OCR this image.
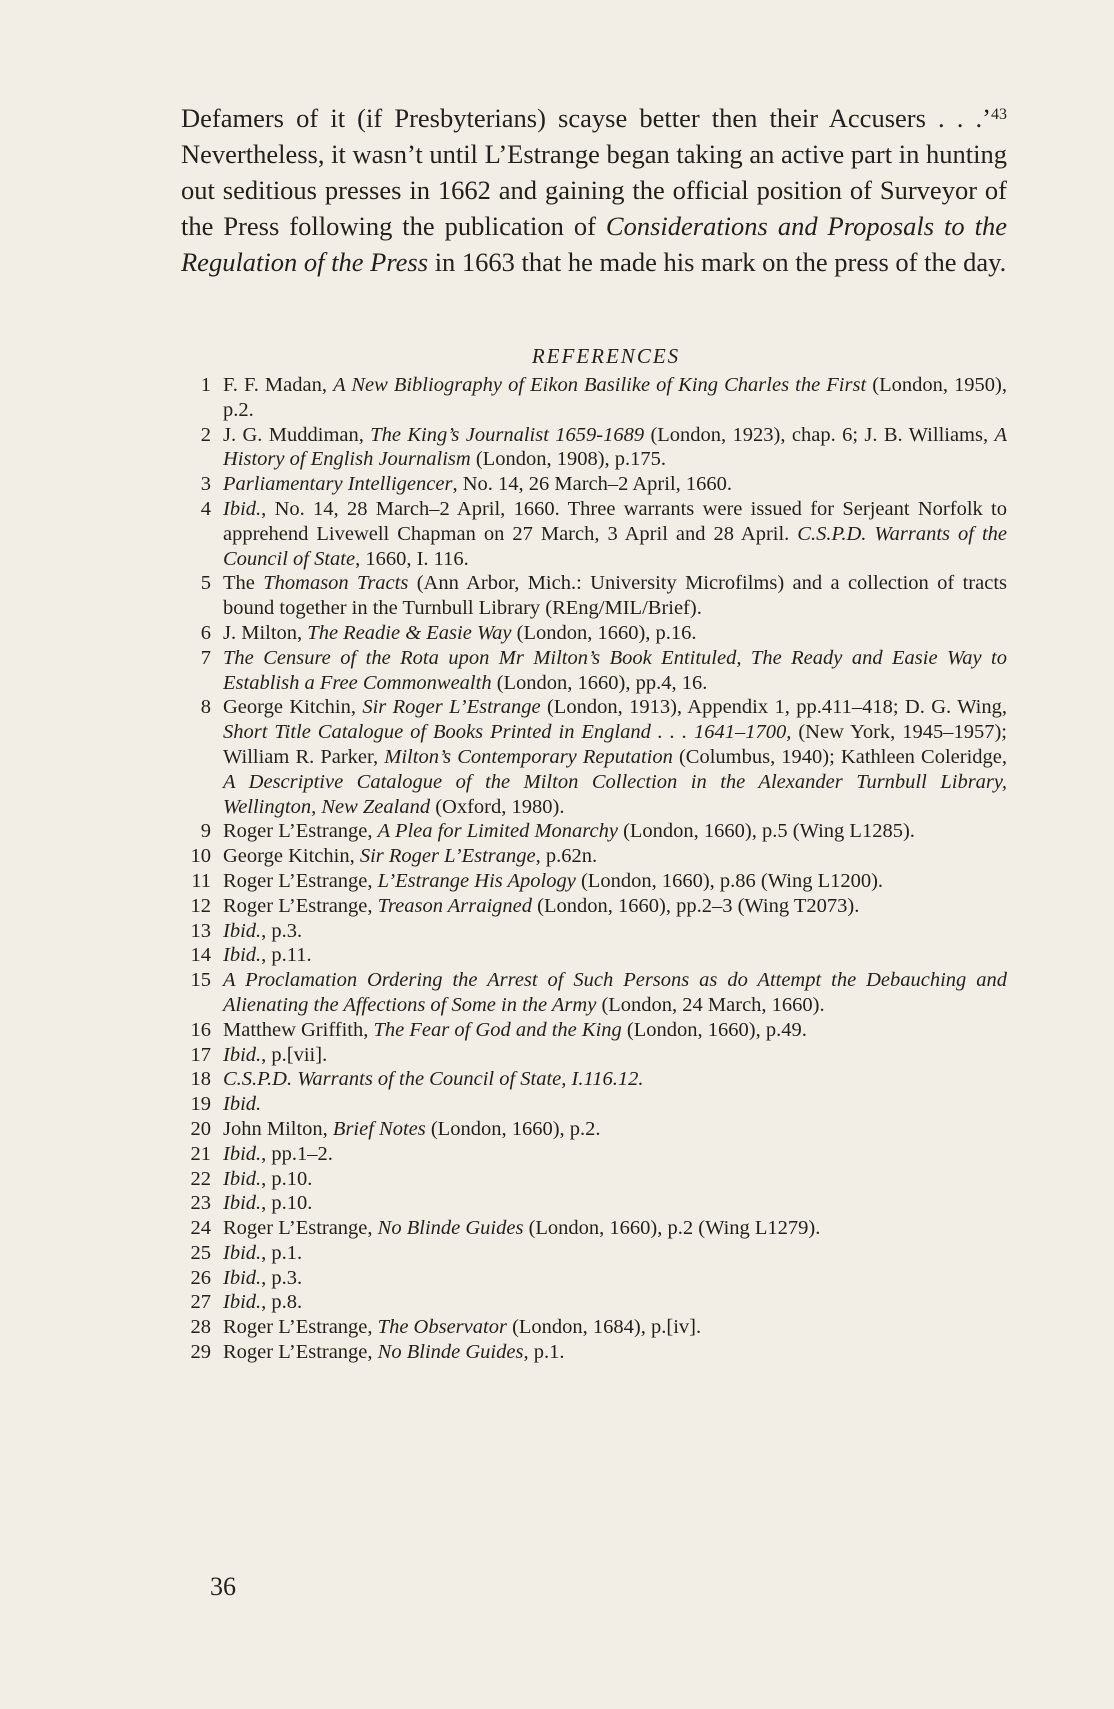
Defamers of it (if Presbyterians) scayse better then their Accusers . . .’$^{43}$ Nevertheless, it wasn’t until L’Estrange began taking an active part in hunting out seditious presses in 1662 and gaining the official position of Surveyor of the Press following the publication of Considerations and Proposals to the Regulation of the Press in 1663 that he made his mark on the press of the day.

REFERENCES
1 F. F. Madan, A New Bibliography of Eikon Basilike of King Charles the First (London, 1950), p.2.
2 J. G. Muddiman, The King’s Journalist 1659-1689 (London, 1923), chap. 6; J. B. Williams, A History of English Journalism (London, 1908), p.175.
3 Parliamentary Intelligencer, No. 14, 26 March–2 April, 1660.
4 Ibid., No. 14, 28 March–2 April, 1660. Three warrants were issued for Serjeant Norfolk to apprehend Livewell Chapman on 27 March, 3 April and 28 April. C.S.P.D. Warrants of the Council of State, 1660, I. 116.
5 The Thomason Tracts (Ann Arbor, Mich.: University Microfilms) and a collection of tracts bound together in the Turnbull Library (REng/MIL/Brief).
6 J. Milton, The Readie & Easie Way (London, 1660), p.16.
7 The Censure of the Rota upon Mr Milton’s Book Entituled, The Ready and Easie Way to Establish a Free Commonwealth (London, 1660), pp.4, 16.
8 George Kitchin, Sir Roger L’Estrange (London, 1913), Appendix 1, pp.411–418; D. G. Wing, Short Title Catalogue of Books Printed in England . . . 1641–1700, (New York, 1945–1957); William R. Parker, Milton’s Contemporary Reputation (Columbus, 1940); Kathleen Coleridge, A Descriptive Catalogue of the Milton Collection in the Alexander Turnbull Library, Wellington, New Zealand (Oxford, 1980).
9 Roger L’Estrange, A Plea for Limited Monarchy (London, 1660), p.5 (Wing L1285).
10 George Kitchin, Sir Roger L’Estrange, p.62n.
11 Roger L’Estrange, L’Estrange His Apology (London, 1660), p.86 (Wing L1200).
12 Roger L’Estrange, Treason Arraigned (London, 1660), pp.2–3 (Wing T2073).
13 Ibid., p.3.
14 Ibid., p.11.
15 A Proclamation Ordering the Arrest of Such Persons as do Attempt the Debauching and Alienating the Affections of Some in the Army (London, 24 March, 1660).
16 Matthew Griffith, The Fear of God and the King (London, 1660), p.49.
17 Ibid., p.[vii].
18 C.S.P.D. Warrants of the Council of State, I.116.12.
19 Ibid.
20 John Milton, Brief Notes (London, 1660), p.2.
21 Ibid., pp.1–2.
22 Ibid., p.10.
23 Ibid., p.10.
24 Roger L’Estrange, No Blinde Guides (London, 1660), p.2 (Wing L1279).
25 Ibid., p.1.
26 Ibid., p.3.
27 Ibid., p.8.
28 Roger L’Estrange, The Observator (London, 1684), p.[iv].
29 Roger L’Estrange, No Blinde Guides, p.1.
36
